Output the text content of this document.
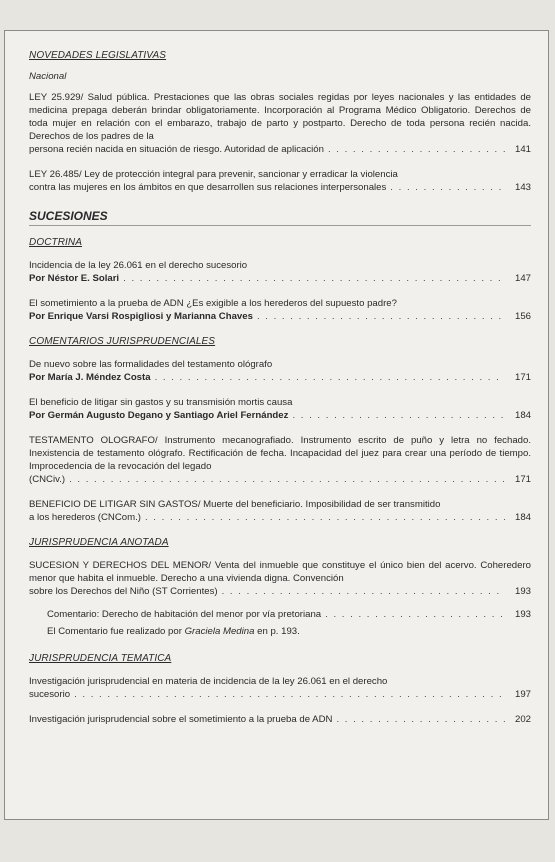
NOVEDADES LEGISLATIVAS

Nacional

LEY 25.929/ Salud pública. Prestaciones que las obras sociales regidas por leyes nacionales y las entidades de medicina prepaga deberán brindar obligatoriamente. Incorporación al Programa Médico Obligatorio. Derechos de toda mujer en relación con el embarazo, trabajo de parto y postparto. Derecho de toda persona recién nacida. Derechos de los padres de la

persona recién nacida en situación de riesgo. Autoridad de aplicación . . .	141

LEY 26.485/ Ley de protección integral para prevenir, sancionar y erradicar la violencia

contra las mujeres en los ámbitos en que desarrollen sus relaciones interpersonales . . .	143
SUCESIONES

DOCTRINA

Incidencia de la ley 26.061 en el derecho sucesorio

Por Néstor E. Solari . . .	147

El sometimiento a la prueba de ADN ¿Es exigible a los herederos del supuesto padre?

Por Enrique Varsi Rospigliosi y Marianna Chaves . . .	156

COMENTARIOS JURISPRUDENCIALES

De nuevo sobre las formalidades del testamento ológrafo

Por María J. Méndez Costa . . .	171

El beneficio de litigar sin gastos y su transmisión mortis causa

Por Germán Augusto Degano y Santiago Ariel Fernández . . .	184

TESTAMENTO OLOGRAFO/ Instrumento mecanografiado. Instrumento escrito de puño y letra no fechado. Inexistencia de testamento ológrafo. Rectificación de fecha. Incapacidad del juez para crear una período de tiempo. Improcedencia de la revocación del legado

(CNCiv.) . . .	171

BENEFICIO DE LITIGAR SIN GASTOS/ Muerte del beneficiario. Imposibilidad de ser transmitido

a los herederos (CNCom.) . . .	184

JURISPRUDENCIA ANOTADA

SUCESION Y DERECHOS DEL MENOR/ Venta del inmueble que constituye el único bien del acervo. Coheredero menor que habita el inmueble. Derecho a una vivienda digna. Convención

sobre los Derechos del Niño (ST Corrientes) . . .	193
Comentario: Derecho de habitación del menor por vía pretoriana . . .	193

El Comentario fue realizado por Graciela Medina en p. 193.

JURISPRUDENCIA TEMATICA

Investigación jurisprudencial en materia de incidencia de la ley 26.061 en el derecho

sucesorio . . .	197
Investigación jurisprudencial sobre el sometimiento a la prueba de ADN . . .	202
